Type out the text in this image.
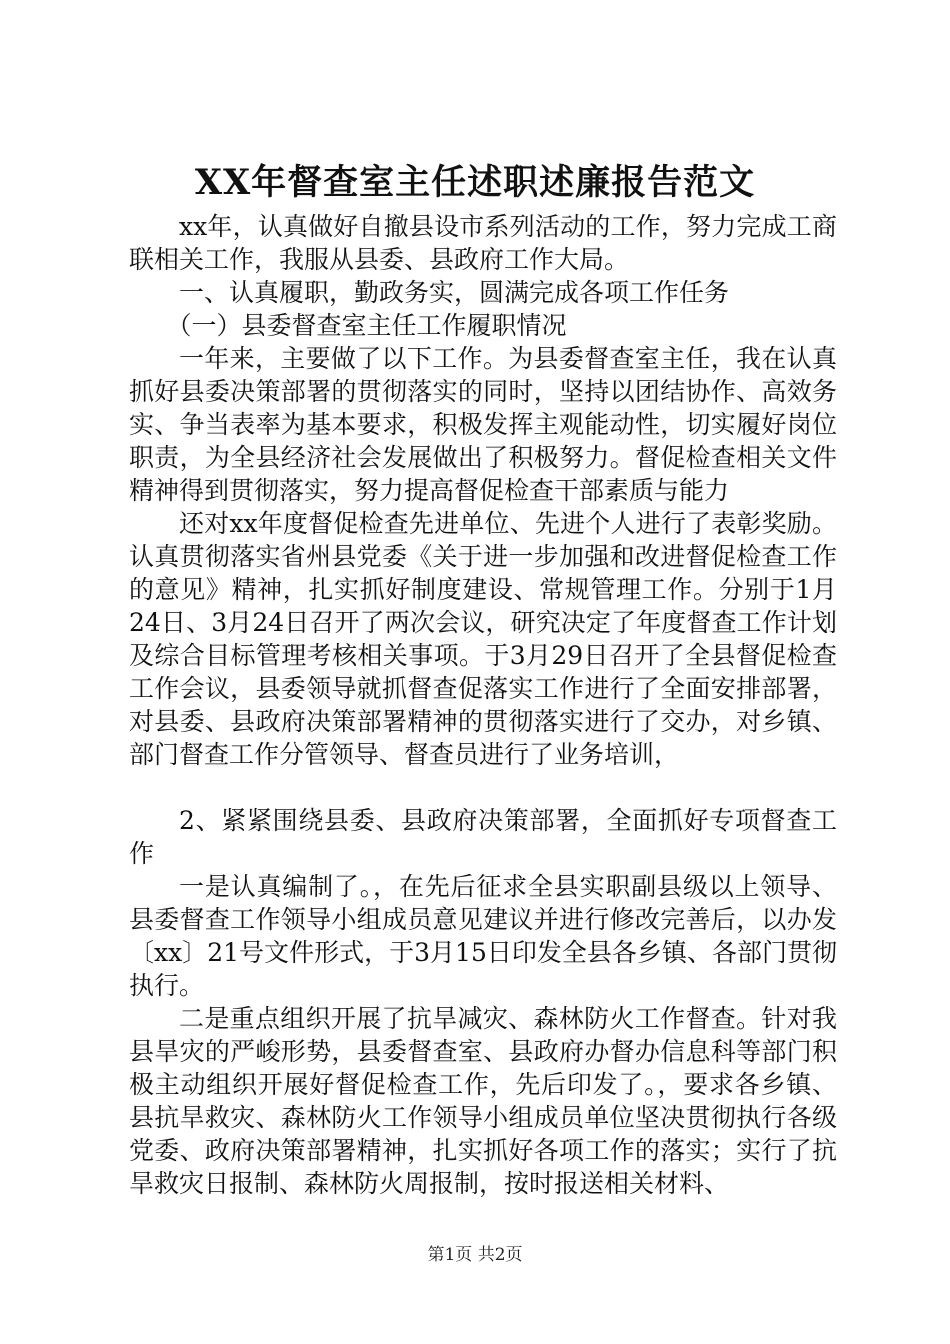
XX年督查室主任述职述廉报告范文

xx年，认真做好自撤县设市系列活动的工作，努力完成工商联相关工作，我服从县委、县政府工作大局。

一、认真履职，勤政务实，圆满完成各项工作任务

（一）县委督查室主任工作履职情况

一年来，主要做了以下工作。为县委督查室主任，我在认真抓好县委决策部署的贯彻落实的同时，坚持以团结协作、高效务实、争当表率为基本要求，积极发挥主观能动性，切实履好岗位职责，为全县经济社会发展做出了积极努力。督促检查相关文件精神得到贯彻落实，努力提高督促检查干部素质与能力

还对xx年度督促检查先进单位、先进个人进行了表彰奖励。认真贯彻落实省州县党委《关于进一步加强和改进督促检查工作的意见》精神，扎实抓好制度建设、常规管理工作。分别于1月24日、3月24日召开了两次会议，研究决定了年度督查工作计划及综合目标管理考核相关事项。于3月29日召开了全县督促检查工作会议，县委领导就抓督查促落实工作进行了全面安排部署，对县委、县政府决策部署精神的贯彻落实进行了交办，对乡镇、部门督查工作分管领导、督查员进行了业务培训，

2、紧紧围绕县委、县政府决策部署，全面抓好专项督查工作

一是认真编制了。，在先后征求全县实职副县级以上领导、县委督查工作领导小组成员意见建议并进行修改完善后，以办发〔xx〕21号文件形式，于3月15日印发全县各乡镇、各部门贯彻执行。

二是重点组织开展了抗旱减灾、森林防火工作督查。针对我县旱灾的严峻形势，县委督查室、县政府办督办信息科等部门积极主动组织开展好督促检查工作，先后印发了。，要求各乡镇、县抗旱救灾、森林防火工作领导小组成员单位坚决贯彻执行各级党委、政府决策部署精神，扎实抓好各项工作的落实；实行了抗旱救灾日报制、森林防火周报制，按时报送相关材料、

第1页 共2页
